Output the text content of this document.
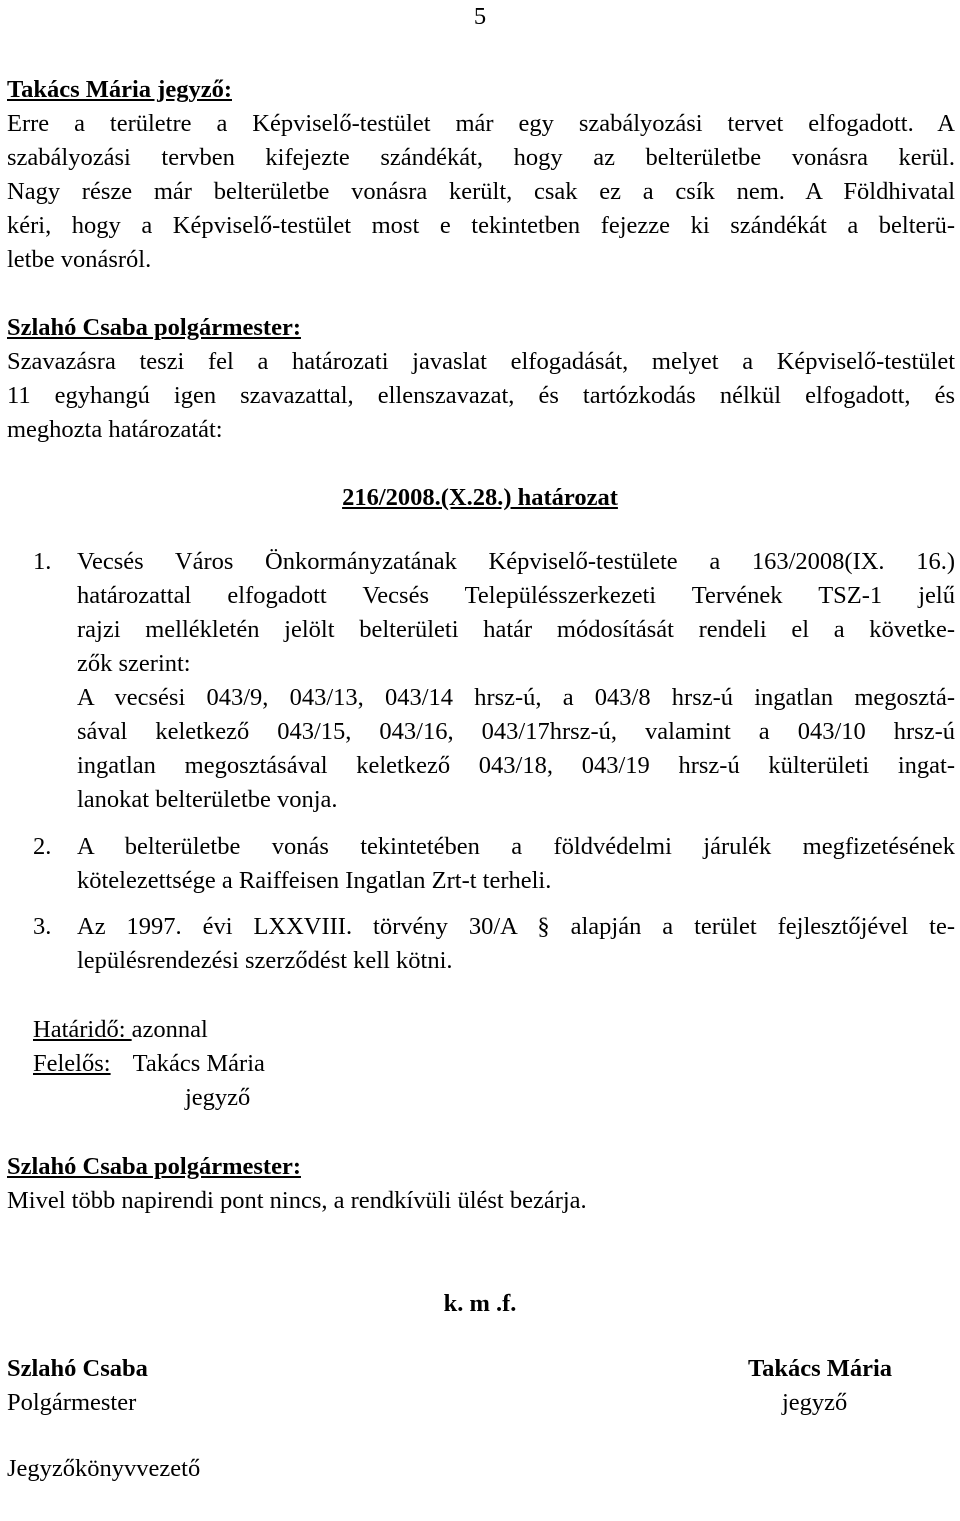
5
Takács Mária jegyző:
Erre a területre a Képviselő-testület már egy szabályozási tervet elfogadott. A
szabályozási tervben kifejezte szándékát, hogy az belterületbe vonásra kerül.
Nagy része már belterületbe vonásra került, csak ez a csík nem. A Földhivatal
kéri, hogy a Képviselő-testület most e tekintetben fejezze ki szándékát a belterü-
letbe vonásról.
Szlahó Csaba polgármester:
Szavazásra teszi fel a határozati javaslat elfogadását, melyet a Képviselő-testület
11 egyhangú igen szavazattal, ellenszavazat, és tartózkodás nélkül elfogadott, és
meghozta határozatát:
216/2008.(X.28.) határozat
1. Vecsés Város Önkormányzatának Képviselő-testülete a 163/2008(IX. 16.)
határozattal elfogadott Vecsés Településszerkezeti Tervének TSZ-1 jelű
rajzi mellékletén jelölt belterületi határ módosítását rendeli el a követke-
zők szerint:
A vecsési 043/9, 043/13, 043/14 hrsz-ú, a 043/8 hrsz-ú ingatlan megosztá-
sával keletkező 043/15, 043/16, 043/17hrsz-ú, valamint a 043/10 hrsz-ú
ingatlan megosztásával keletkező 043/18, 043/19 hrsz-ú külterületi ingat-
lanokat belterületbe vonja.
2. A belterületbe vonás tekintetében a földvédelmi járulék megfizetésének
kötelezettsége a Raiffeisen Ingatlan Zrt-t terheli.
3. Az 1997. évi LXXVIII. törvény 30/A § alapján a terület fejlesztőjével te-
lepülésrendezési szerződést kell kötni.
Határidő: azonnal
Felelős: Takács Mária
jegyző
Szlahó Csaba polgármester:
Mivel több napirendi pont nincs, a rendkívüli ülést bezárja.
k. m .f.
Szlahó Csaba
Polgármester
Takács Mária
jegyző
Jegyzőkönyvvezető
